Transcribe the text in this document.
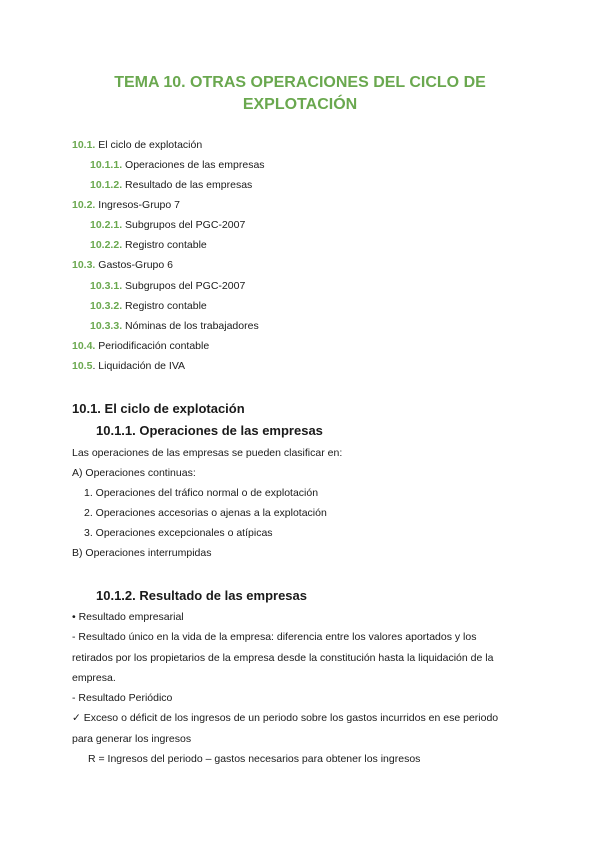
TEMA 10. OTRAS OPERACIONES DEL CICLO DE
EXPLOTACIÓN
10.1. El ciclo de explotación
10.1.1. Operaciones de las empresas
10.1.2. Resultado de las empresas
10.2. Ingresos-Grupo 7
10.2.1. Subgrupos del PGC-2007
10.2.2. Registro contable
10.3. Gastos-Grupo 6
10.3.1. Subgrupos del PGC-2007
10.3.2. Registro contable
10.3.3. Nóminas de los trabajadores
10.4. Periodificación contable
10.5. Liquidación de IVA
10.1. El ciclo de explotación
10.1.1. Operaciones de las empresas
Las operaciones de las empresas se pueden clasificar en:
A) Operaciones continuas:
1. Operaciones del tráfico normal o de explotación
2. Operaciones accesorias o ajenas a la explotación
3. Operaciones excepcionales o atípicas
B) Operaciones interrumpidas
10.1.2. Resultado de las empresas
• Resultado empresarial
- Resultado único en la vida de la empresa: diferencia entre los valores aportados y los
retirados por los propietarios de la empresa desde la constitución hasta la liquidación de la
empresa.
- Resultado Periódico
✓ Exceso o déficit de los ingresos de un periodo sobre los gastos incurridos en ese periodo
para generar los ingresos
R = Ingresos del periodo – gastos necesarios para obtener los ingresos
